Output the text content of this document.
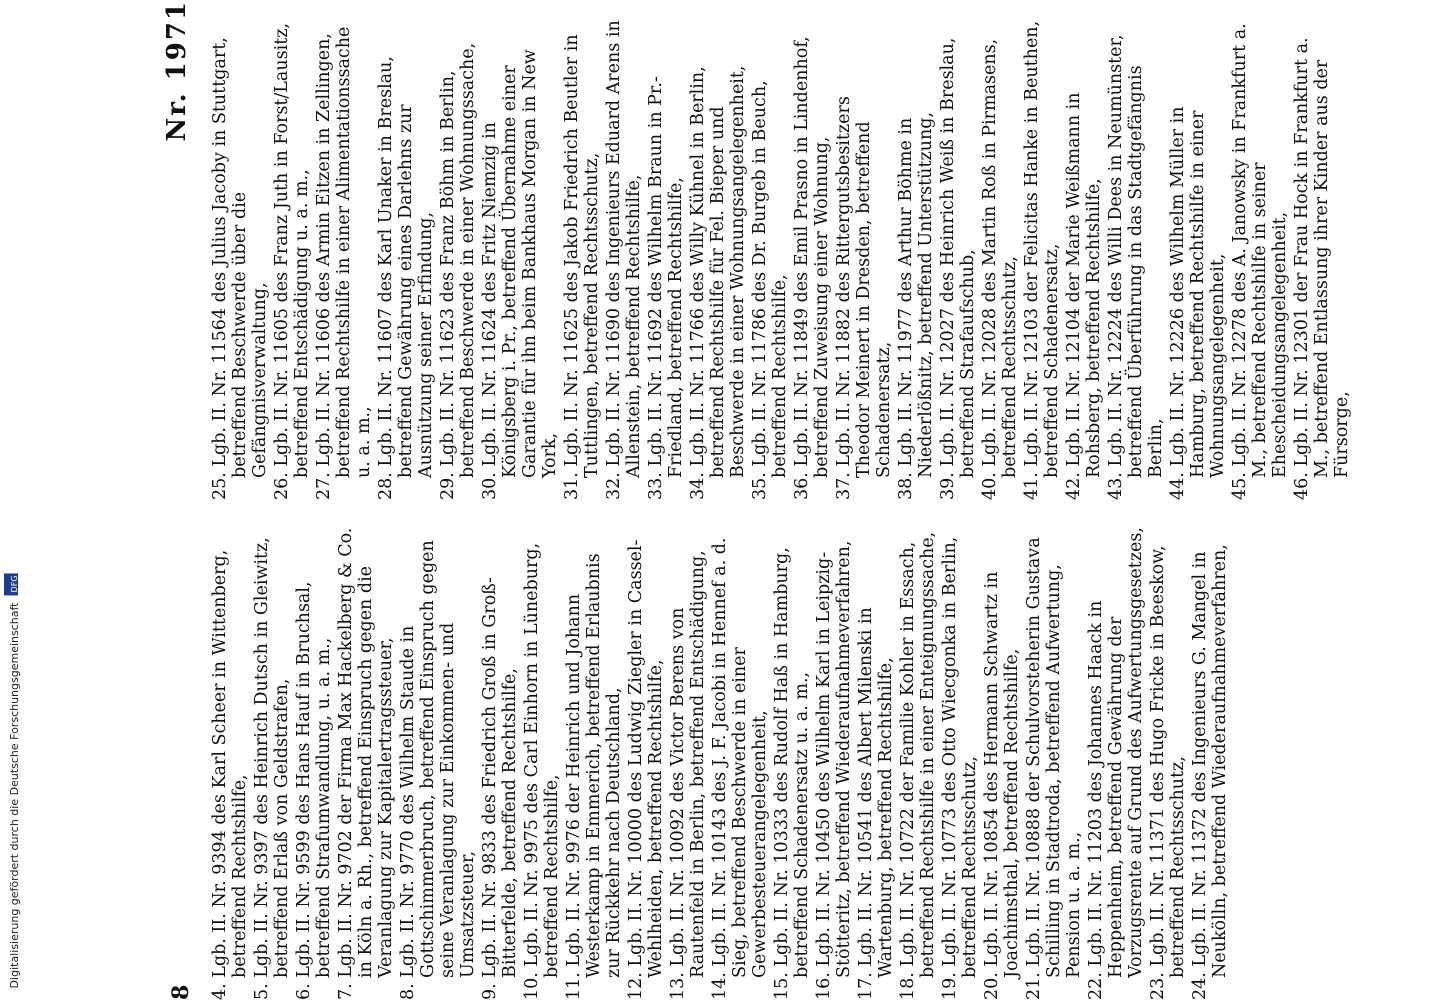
Digitalisierung gefördert durch die Deutsche Forschungsgemeinschaft DFG
8
Nr. 1971
4. Lgb. II. Nr. 9394 des Karl Scheer in Wittenberg, betreffend Rechtshilfe, 5. Lgb. II. Nr. 9397 des Heinrich Dutsch in Gleiwitz, betreffend Erlaß von Geldstrafen, 6. Lgb. II. Nr. 9599 des Hans Hauf in Bruchsal, betreffend Strafumwandlung, u. a. m., 7. Lgb. II. Nr. 9702 der Firma Max Hackelberg & Co. in Köln a. Rh., betreffend Einspruch gegen die Veranlagung zur Kapitalertragssteuer, 8. Lgb. II. Nr. 9770 des Wilhelm Staude in Gottschimmerbruch, betreffend Einspruch gegen seine Veranlagung zur Einkommen- und Umsatzsteuer, 9. Lgb. II. Nr. 9833 des Friedrich Groß in Groß-Bitterfelde, betreffend Rechtshilfe, 10. Lgb. II. Nr. 9975 des Carl Einhorn in Lüneburg, betreffend Rechtshilfe, 11. Lgb. II. Nr. 9976 der Heinrich und Johann Westerkamp in Emmerich, betreffend Erlaubnis zur Rückkehr nach Deutschland, 12. Lgb. II. Nr. 10000 des Ludwig Ziegler in Cassel-Wehlheiden, betreffend Rechtshilfe, 13. Lgb. II. Nr. 10092 des Victor Berens von Rautenfeld in Berlin, betreffend Entschädigung, 14. Lgb. II. Nr. 10143 des J. F. Jacobi in Hennef a. d. Sieg, betreffend Beschwerde in einer Gewerbesteuerangelegenheit, 15. Lgb. II. Nr. 10333 des Rudolf Haß in Hamburg, betreffend Schadenersatz u. a. m., 16. Lgb. II. Nr. 10450 des Wilhelm Karl in Leipzig-Stötteritz, betreffend Wiederaufnahmeverfahren, 17. Lgb. II. Nr. 10541 des Albert Milenski in Wartenburg, betreffend Rechtshilfe, 18. Lgb. II. Nr. 10722 der Familie Kohler in Essach, betreffend Rechtshilfe in einer Enteignungssache, 19. Lgb. II. Nr. 10773 des Otto Wiecgonka in Berlin, betreffend Rechtsschutz, 20. Lgb. II. Nr. 10854 des Hermann Schwartz in Joachimsthal, betreffend Rechtshilfe, 21. Lgb. II. Nr. 10888 der Schulvorsteherin Gustava Schilling in Stadtroda, betreffend Aufwertung, Pension u. a. m., 22. Lgb. II. Nr. 11203 des Johannes Haack in Heppenheim, betreffend Gewährung der Vorzugsrente auf Grund des Aufwertungsgesetzes, 23. Lgb. II. Nr. 11371 des Hugo Fricke in Beeskow, betreffend Rechtsschutz, 24. Lgb. II. Nr. 11372 des Ingenieurs G. Mangel in Neukölln, betreffend Wiederaufnahmeverfahren,
25. Lgb. II. Nr. 11564 des Julius Jacoby in Stuttgart, betreffend Beschwerde über die Gefängnisverwaltung, 26. Lgb. II. Nr. 11605 des Franz Juth in Forst/Lausitz, betreffend Entschädigung u. a. m., 27. Lgb. II. Nr. 11606 des Armin Eitzen in Zellingen, betreffend Rechtshilfe in einer Alimentationssache u. a. m., 28. Lgb. II. Nr. 11607 des Karl Unaker in Breslau, betreffend Gewährung eines Darlehns zur Ausnützung seiner Erfindung, 29. Lgb. II. Nr. 11623 des Franz Böhm in Berlin, betreffend Beschwerde in einer Wohnungssache, 30. Lgb. II. Nr. 11624 des Fritz Niemzig in Königsberg i. Pr., betreffend Übernahme einer Garantie für ihn beim Bankhaus Morgan in New York, 31. Lgb. II. Nr. 11625 des Jakob Friedrich Beutler in Tuttlingen, betreffend Rechtsschutz, 32. Lgb. II. Nr. 11690 des Ingenieurs Eduard Arens in Allenstein, betreffend Rechtshilfe, 33. Lgb. II. Nr. 11692 des Wilhelm Braun in Pr.-Friedland, betreffend Rechtshilfe, 34. Lgb. II. Nr. 11766 des Willy Kühnel in Berlin, betreffend Rechtshilfe für Fel. Bieper und Beschwerde in einer Wohnungsangelegenheit, 35. Lgb. II. Nr. 11786 des Dr. Burgeb in Beuch, betreffend Rechtshilfe, 36. Lgb. II. Nr. 11849 des Emil Prasno in Lindenhof, betreffend Zuweisung einer Wohnung, 37. Lgb. II. Nr. 11882 des Rittergutsbesitzers Theodor Meinert in Dresden, betreffend Schadenersatz, 38. Lgb. II. Nr. 11977 des Arthur Böhme in Niederlößnitz, betreffend Unterstützung, 39. Lgb. II. Nr. 12027 des Heinrich Weiß in Breslau, betreffend Strafaufschub, 40. Lgb. II. Nr. 12028 des Martin Roß in Pirmasens, betreffend Rechtsschutz, 41. Lgb. II. Nr. 12103 der Felicitas Hanke in Beuthen, betreffend Schadenersatz, 42. Lgb. II. Nr. 12104 der Marie Weißmann in Rohsberg, betreffend Rechtshilfe, 43. Lgb. II. Nr. 12224 des Willi Dees in Neumünster, betreffend Überführung in das Stadtgefängnis Berlin, 44. Lgb. II. Nr. 12226 des Wilhelm Müller in Hamburg, betreffend Rechtshilfe in einer Wohnungsangelegenheit, 45. Lgb. II. Nr. 12278 des A. Janowsky in Frankfurt a. M., betreffend Rechtshilfe in seiner Ehescheidungsangelegenheit, 46. Lgb. II. Nr. 12301 der Frau Hock in Frankfurt a. M., betreffend Entlassung ihrer Kinder aus der Fürsorge,
